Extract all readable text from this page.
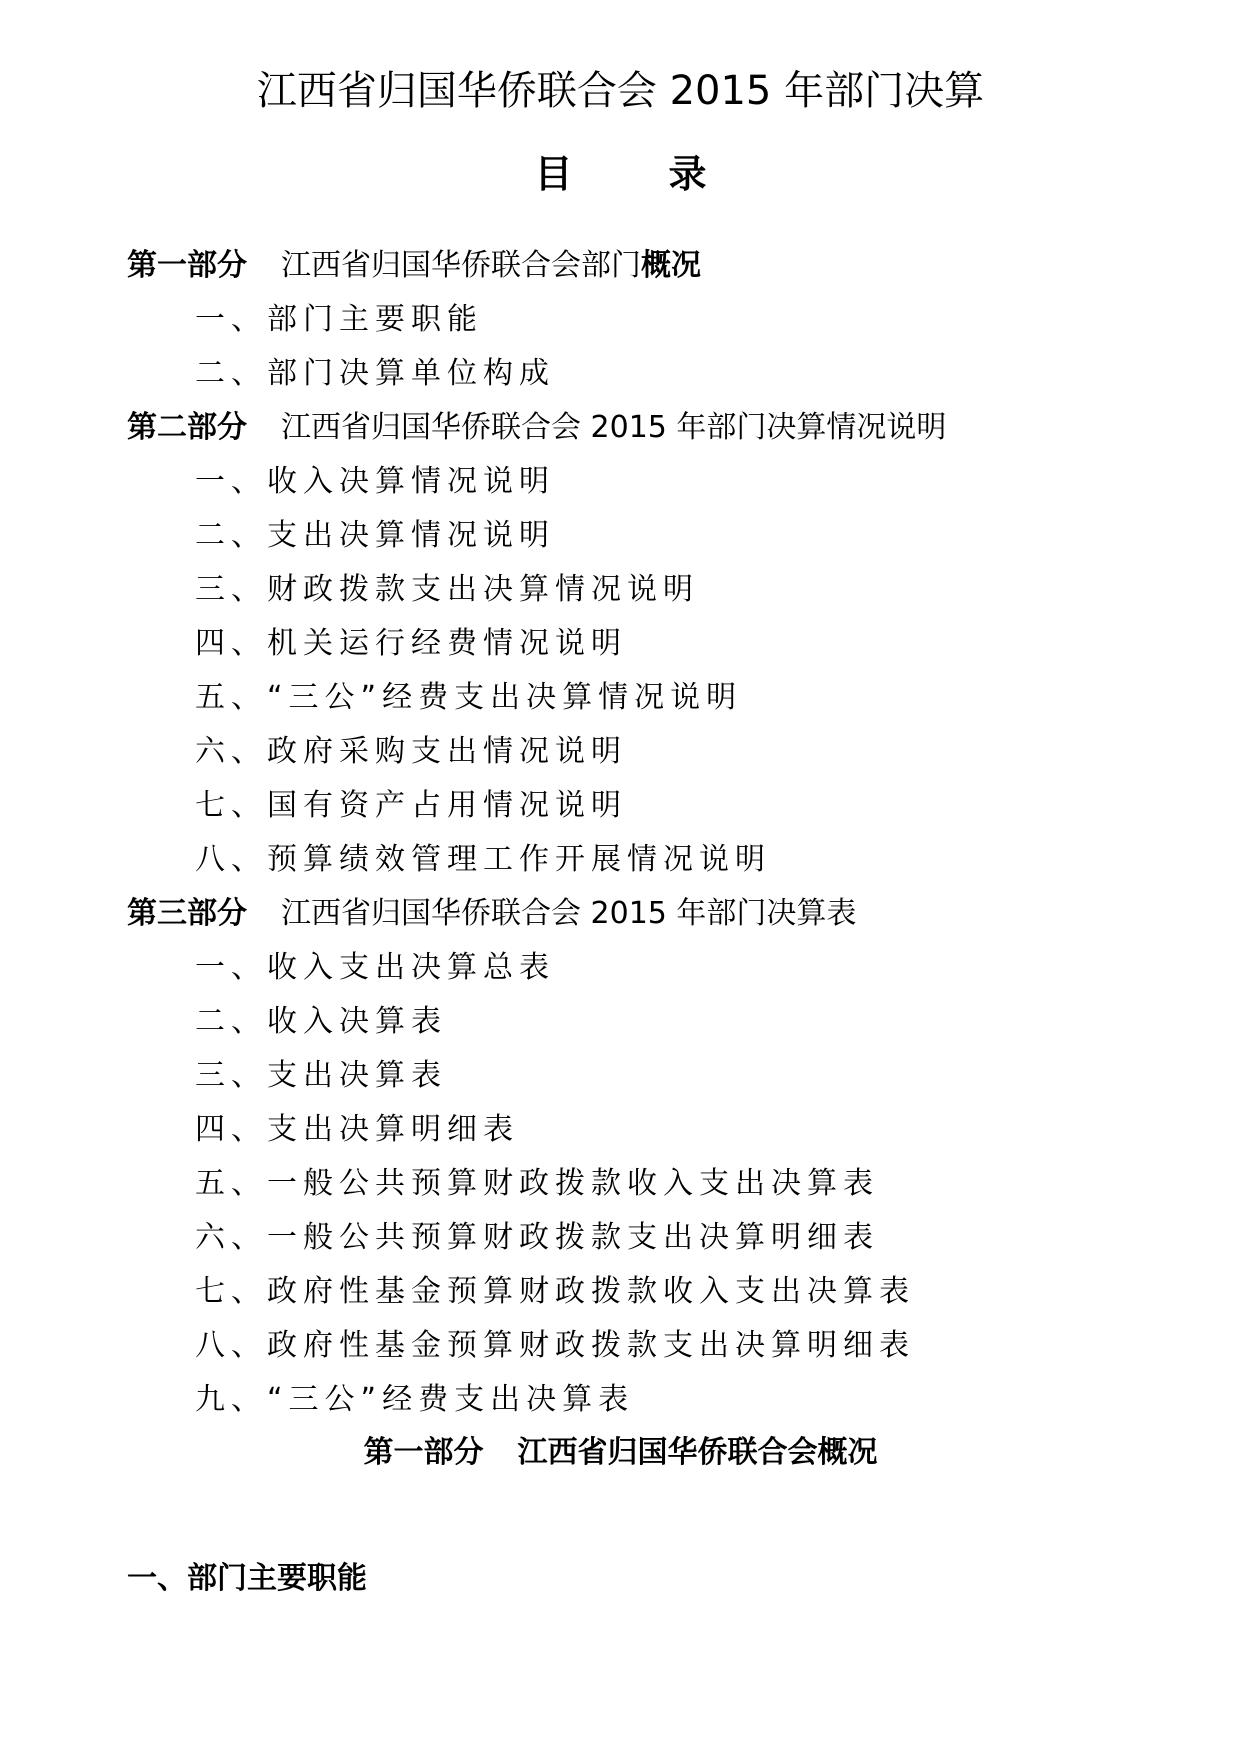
江西省归国华侨联合会 2015 年部门决算
目	录
第一部分 江西省归国华侨联合会部门概况
一、部门主要职能
二、部门决算单位构成
第二部分 江西省归国华侨联合会 2015 年部门决算情况说明
一、收入决算情况说明
二、支出决算情况说明
三、财政拨款支出决算情况说明
四、机关运行经费情况说明
五、“三公”经费支出决算情况说明
六、政府采购支出情况说明
七、国有资产占用情况说明
八、预算绩效管理工作开展情况说明
第三部分 江西省归国华侨联合会 2015 年部门决算表
一、收入支出决算总表
二、收入决算表
三、支出决算表
四、支出决算明细表
五、一般公共预算财政拨款收入支出决算表
六、一般公共预算财政拨款支出决算明细表
七、政府性基金预算财政拨款收入支出决算表
八、政府性基金预算财政拨款支出决算明细表
九、“三公”经费支出决算表
第一部分 江西省归国华侨联合会概况
一、部门主要职能
